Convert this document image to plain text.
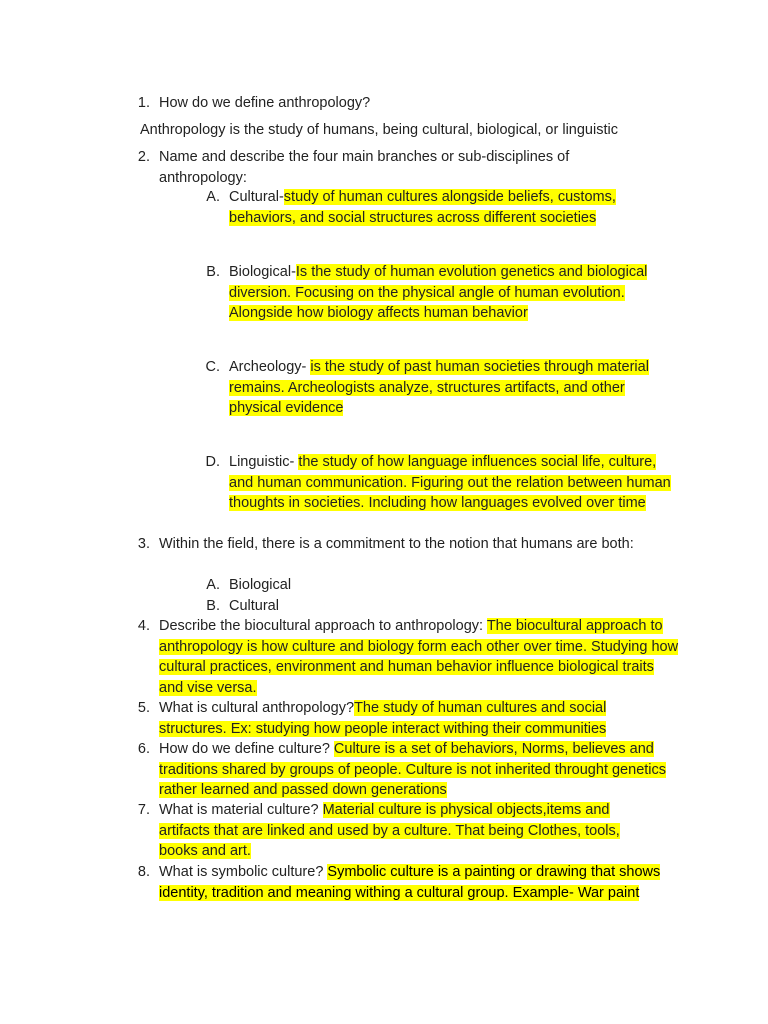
1. How do we define anthropology?

Anthropology is the study of humans, being cultural, biological, or linguistic

2. Name and describe the four main branches or sub-disciplines of anthropology:

A. Cultural-study of human cultures alongside beliefs, customs, behaviors, and social structures across different societies

B. Biological-Is the study of human evolution genetics and biological diversion. Focusing on the physical angle of human evolution. Alongside how biology affects human behavior

C. Archeology- is the study of past human societies through material remains. Archeologists analyze, structures artifacts, and other physical evidence

D. Linguistic- the study of how language influences social life, culture, and human communication. Figuring out the relation between human thoughts in societies. Including how languages evolved over time

3. Within the field, there is a commitment to the notion that humans are both:

A. Biological

B. Cultural

4. Describe the biocultural approach to anthropology: The biocultural approach to anthropology is how culture and biology form each other over time. Studying how cultural practices, environment and human behavior influence biological traits and vise versa.

5. What is cultural anthropology?The study of human cultures and social structures. Ex: studying how people interact withing their communities

6. How do we define culture? Culture is a set of behaviors, Norms, believes and traditions shared by groups of people. Culture is not inherited throught genetics rather learned and passed down generations

7. What is material culture? Material culture is physical objects,items and artifacts that are linked and used by a culture. That being Clothes, tools, books and art.

8. What is symbolic culture? Symbolic culture is a painting or drawing that shows identity, tradition and meaning withing a cultural group. Example- War paint
